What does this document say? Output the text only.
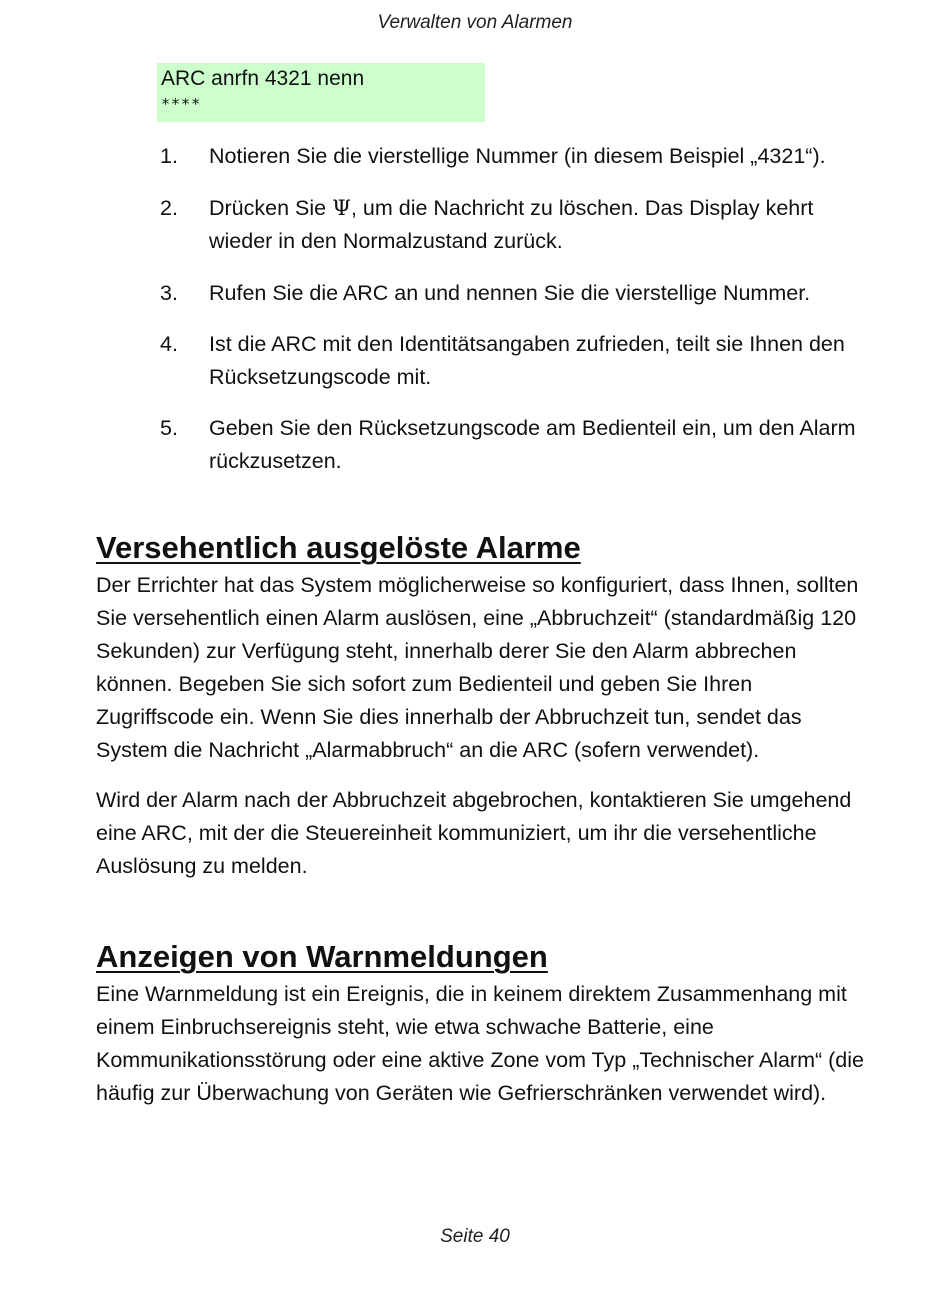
Verwalten von Alarmen
ARC anrfn 4321 nenn
****
1. Notieren Sie die vierstellige Nummer (in diesem Beispiel „4321“).
2. Drücken Sie Ψ, um die Nachricht zu löschen. Das Display kehrt wieder in den Normalzustand zurück.
3. Rufen Sie die ARC an und nennen Sie die vierstellige Nummer.
4. Ist die ARC mit den Identitätsangaben zufrieden, teilt sie Ihnen den Rücksetzungscode mit.
5. Geben Sie den Rücksetzungscode am Bedienteil ein, um den Alarm rückzusetzen.
Versehentlich ausgelöste Alarme

Der Errichter hat das System möglicherweise so konfiguriert, dass Ihnen, sollten Sie versehentlich einen Alarm auslösen, eine „Abbruchzeit“ (standardmäßig 120 Sekunden) zur Verfügung steht, innerhalb derer Sie den Alarm abbrechen können. Begeben Sie sich sofort zum Bedienteil und geben Sie Ihren Zugriffscode ein. Wenn Sie dies innerhalb der Abbruchzeit tun, sendet das System die Nachricht „Alarmabbruch“ an die ARC (sofern verwendet).

Wird der Alarm nach der Abbruchzeit abgebrochen, kontaktieren Sie umgehend eine ARC, mit der die Steuereinheit kommuniziert, um ihr die versehentliche Auslösung zu melden.

Anzeigen von Warnmeldungen

Eine Warnmeldung ist ein Ereignis, die in keinem direktem Zusammenhang mit einem Einbruchsereignis steht, wie etwa schwache Batterie, eine Kommunikationsstörung oder eine aktive Zone vom Typ „Technischer Alarm“ (die häufig zur Überwachung von Geräten wie Gefrierschränken verwendet wird).

Seite 40
